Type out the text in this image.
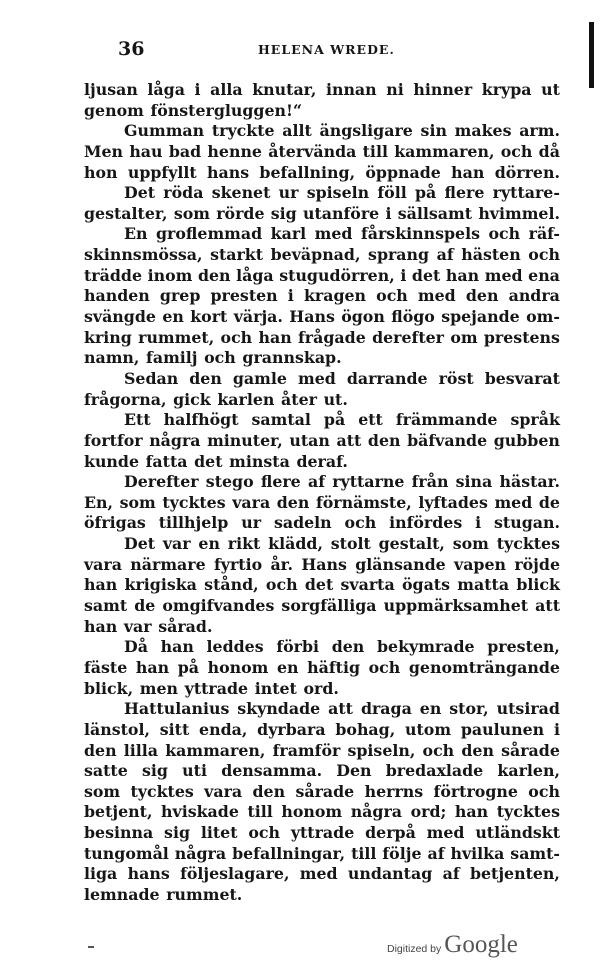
36	HELENA WREDE.
ljusan låga i alla knutar, innan ni hinner krypa ut
genom fönstergluggen!“
Gumman tryckte allt ängsligare sin makes arm.
Men hau bad henne återvända till kammaren, och då
hon uppfyllt hans befallning, öppnade han dörren.
Det röda skenet ur spiseln föll på flere ryttare-
gestalter, som rörde sig utanföre i sällsamt hvimmel.
En groflemmad karl med fårskinnspels och räf-
skinnsmössa, starkt beväpnad, sprang af hästen och
trädde inom den låga stugudörren, i det han med ena
handen grep presten i kragen och med den andra
svängde en kort värja. Hans ögon flögo spejande om-
kring rummet, och han frågade derefter om prestens
namn, familj och grannskap.
Sedan den gamle med darrande röst besvarat
frågorna, gick karlen åter ut.
Ett halfhögt samtal på ett främmande språk
fortfor några minuter, utan att den bäfvande gubben
kunde fatta det minsta deraf.
Derefter stego flere af ryttarne från sina hästar.
En, som tycktes vara den förnämste, lyftades med de
öfrigas tillhjelp ur sadeln och infördes i stugan.
Det var en rikt klädd, stolt gestalt, som tycktes
vara närmare fyrtio år. Hans glänsande vapen röjde
han krigiska stånd, och det svarta ögats matta blick
samt de omgifvandes sorgfälliga uppmärksamhet att
han var sårad.
Då han leddes förbi den bekymrade presten,
fäste han på honom en häftig och genomträngande
blick, men yttrade intet ord.
Hattulanius skyndade att draga en stor, utsirad
länstol, sitt enda, dyrbara bohag, utom paulunen i
den lilla kammaren, framför spiseln, och den sårade
satte sig uti densamma. Den bredaxlade karlen,
som tycktes vara den sårade herrns förtrogne och
betjent, hviskade till honom några ord; han tycktes
besinna sig litet och yttrade derpå med utländskt
tungomål några befallningar, till följe af hvilka samt-
liga hans följeslagare, med undantag af betjenten,
lemnade rummet.
Digitized by Google
